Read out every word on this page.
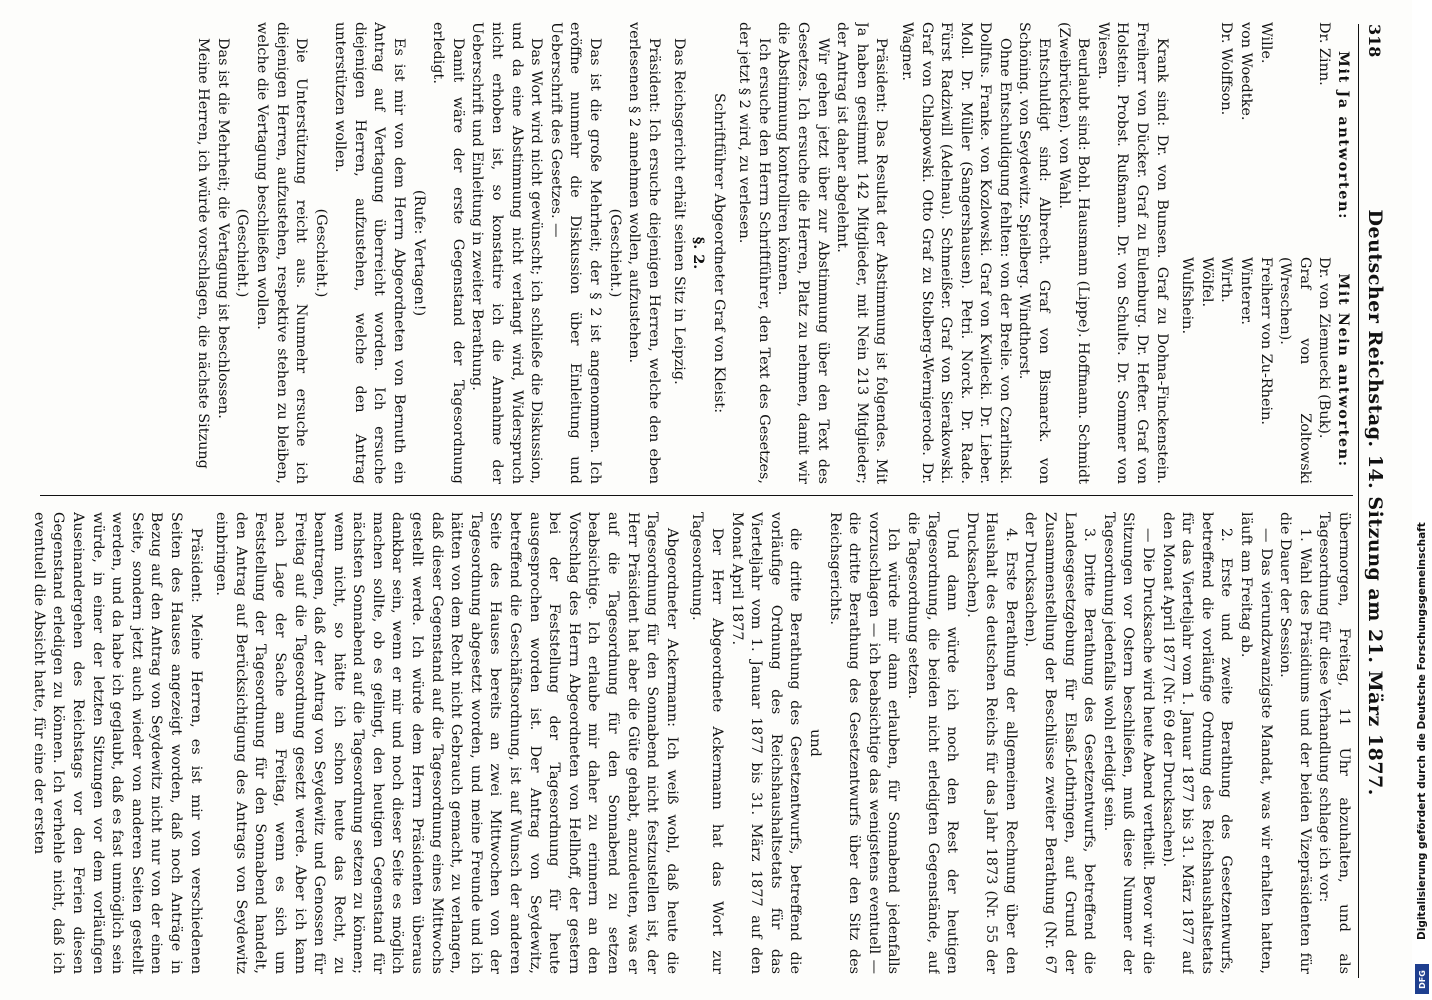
318
Deutscher Reichstag. 14. Sitzung am 21. März 1877.
Mit Ja antworten:
Dr. Zinn.

Wille.
von Woedtke.
Dr. Wolffson.
Mit Nein antworten:
Dr. von Ziemuecki (Buk).
Graf von Zoltowski (Wreschen).
Freiherr von Zu-Rhein.
Winterer.
Wirth.
Wölfel.
Wulfshein.

Krank sind: Dr. von Bunsen. Graf zu Dohna-Finckenstein. Freiherr von Dücker. Graf zu Eulenburg. Dr. Hefter. Graf von Holstein. Probst. Rußmann. Dr. von Schulte. Dr. Sommer von Wiesen.

Beurlaubt sind: Bohl. Hausmann (Lippe). Hoffmann. Schmidt (Zweibrücken). von Wahl.

Entschuldigt sind: Albrecht. Graf von Bismarck. von Schöning. von Seydewitz. Spielberg. Windthorst.

Ohne Entschuldigung fehlten: von der Brelie. von Czarlinski. Dollfus. Franke. von Kozlowski. Graf von Kwilecki. Dr. Lieber. Moll. Dr. Müller (Sangershausen). Petri. Norck. Dr. Rade. Fürst Radziwill (Adelnau). Schmeißer. Graf von Sierakowski. Graf von Chlapowski. Otto Graf zu Stolberg-Wernigerode. Dr. Wagner.

Präsident: Das Resultat der Abstimmung ist folgendes. Mit Ja haben gestimmt 142 Mitglieder, mit Nein 213 Mitglieder; der Antrag ist daher abgelehnt.

Wir gehen jetzt über zur Abstimmung über den Text des Gesetzes. Ich ersuche die Herren, Platz zu nehmen, damit wir die Abstimmung kontrolliren können.

Ich ersuche den Herrn Schriftführer, den Text des Gesetzes, der jetzt § 2 wird, zu verlesen.

Schriftführer Abgeordneter Graf von Kleist:

§. 2.

Das Reichsgericht erhält seinen Sitz in Leipzig.

Präsident: Ich ersuche diejenigen Herren, welche den eben verlesenen § 2 annehmen wollen, aufzustehen.

(Geschieht.)

Das ist die große Mehrheit; der § 2 ist angenommen. Ich eröffne nunmehr die Diskussion über Einleitung und Ueberschrift des Gesetzes. —

Das Wort wird nicht gewünscht; ich schließe die Diskussion, und da eine Abstimmung nicht verlangt wird, Widerspruch nicht erhoben ist, so konstatire ich die Annahme der Ueberschrift und Einleitung in zweiter Berathung.

Damit wäre der erste Gegenstand der Tagesordnung erledigt.

(Rufe: Vertagen!)

Es ist mir von dem Herrn Abgeordneten von Bernuth ein Antrag auf Vertagung überreicht worden. Ich ersuche diejenigen Herren, aufzustehen, welche den Antrag unterstützen wollen.

(Geschieht.)

Die Unterstützung reicht aus. Nunmehr ersuche ich diejenigen Herren, aufzustehen, respektive stehen zu bleiben, welche die Vertagung beschließen wollen.

(Geschieht.)

Das ist die Mehrheit; die Vertagung ist beschlossen.

Meine Herren, ich würde vorschlagen, die nächste Sitzung

übermorgen, Freitag, 11 Uhr abzuhalten, und als Tagesordnung für diese Verhandlung schlage ich vor:

1. Wahl des Präsidiums und der beiden Vizepräsidenten für die Dauer der Session.

— Das vierundzwanzigste Mandat, was wir erhalten hatten, läuft am Freitag ab.

2. Erste und zweite Berathung des Gesetzentwurfs, betreffend die vorläufige Ordnung des Reichshaushaltsetats für das Vierteljahr vom 1. Januar 1877 bis 31. März 1877 auf den Monat April 1877 (Nr. 69 der Drucksachen).

— Die Drucksache wird heute Abend vertheilt. Bevor wir die Sitzungen vor Ostern beschließen, muß diese Nummer der Tagesordnung jedenfalls wohl erledigt sein.

3. Dritte Berathung des Gesetzentwurfs, betreffend die Landesgesetzgebung für Elsaß-Lothringen, auf Grund der Zusammenstellung der Beschlüsse zweiter Berathung (Nr. 67 der Drucksachen).

4. Erste Berathung der allgemeinen Rechnung über den Haushalt des deutschen Reichs für das Jahr 1873 (Nr. 55 der Drucksachen).

Und dann würde ich noch den Rest der heutigen Tagesordnung, die beiden nicht erledigten Gegenstände, auf die Tagesordnung setzen.

Ich würde mir dann erlauben, für Sonnabend jedenfalls vorzuschlagen — ich beabsichtige das wenigstens eventuell — die dritte Berathung des Gesetzentwurfs über den Sitz des Reichsgerichts.

und

die dritte Berathung des Gesetzentwurfs, betreffend die vorläufige Ordnung des Reichshaushaltsetats für das Vierteljahr vom 1. Januar 1877 bis 31. März 1877 auf den Monat April 1877.

Der Herr Abgeordnete Ackermann hat das Wort zur Tagesordnung.

Abgeordneter Ackermann: Ich weiß wohl, daß heute die Tagesordnung für den Sonnabend nicht festzustellen ist, der Herr Präsident hat aber die Güte gehabt, anzudeuten, was er auf die Tagesordnung für den Sonnabend zu setzen beabsichtige. Ich erlaube mir daher zu erinnern an den Vorschlag des Herrn Abgeordneten von Hellhoff, der gestern bei der Feststellung der Tagesordnung für heute ausgesprochen worden ist. Der Antrag von Seydewitz, betreffend die Geschäftsordnung, ist auf Wunsch der anderen Seite des Hauses bereits an zwei Mittwochen von der Tagesordnung abgesetzt worden, und meine Freunde und ich hätten von dem Recht nicht Gebrauch gemacht, zu verlangen, daß dieser Gegenstand auf die Tagesordnung eines Mittwochs gestellt werde. Ich würde dem Herrn Präsidenten überaus dankbar sein, wenn er mir und noch dieser Seite es möglich machen sollte, ob es gelingt, den heutigen Gegenstand für nächsten Sonnabend auf die Tagesordnung setzen zu können; wenn nicht, so hätte ich schon heute das Recht, zu beantragen, daß der Antrag von Seydewitz und Genossen für Freitag auf die Tagesordnung gesetzt werde. Aber ich kann nach Lage der Sache am Freitag, wenn es sich um Feststellung der Tagesordnung für den Sonnabend handelt, den Antrag auf Berücksichtigung des Antrags von Seydewitz einbringen.

Präsident: Meine Herren, es ist mir von verschiedenen Seiten des Hauses angezeigt worden, daß noch Anträge in Bezug auf den Antrag von Seydewitz nicht nur von der einen Seite, sondern jetzt auch wieder von anderen Seiten gestellt werden, und da habe ich geglaubt, daß es fast unmöglich sein würde, in einer der letzten Sitzungen vor dem vorläufigen Auseinandergehen des Reichstags vor den Ferien diesen Gegenstand erledigen zu können. Ich verhehle nicht, daß ich eventuell die Absicht hatte, für eine der ersten	Digitalisierung gefördert durch die Deutsche Forschungsgemeinschaft
DFG
